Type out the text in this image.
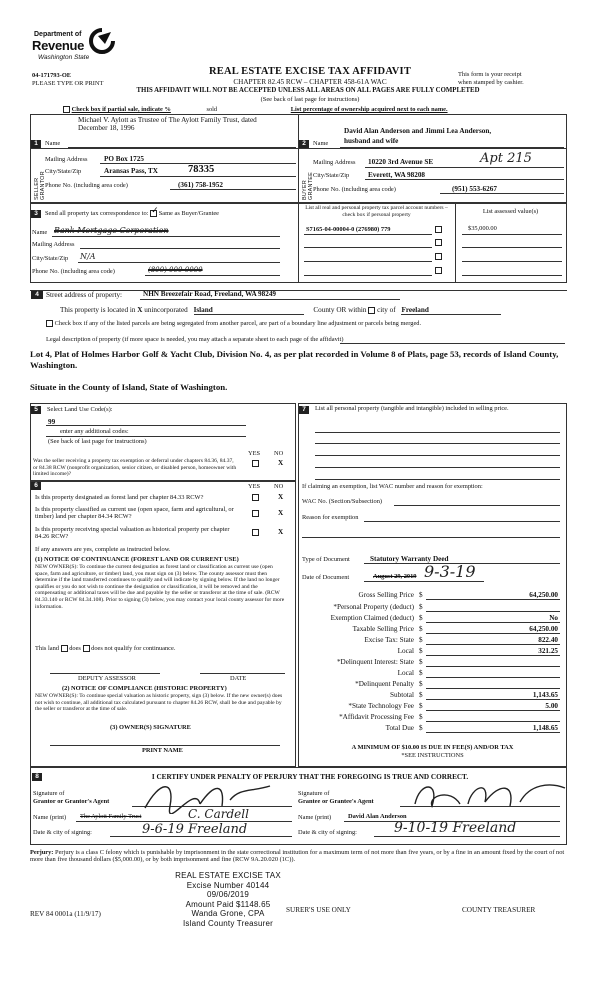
Department of
Revenue
Washington State
04-171793-OE
PLEASE TYPE OR PRINT
REAL ESTATE EXCISE TAX AFFIDAVIT
CHAPTER 82.45 RCW – CHAPTER 458-61A WAC
THIS AFFIDAVIT WILL NOT BE ACCEPTED UNLESS ALL AREAS ON ALL PAGES ARE FULLY COMPLETED
(See back of last page for instructions)
This form is your receipt
when stamped by cashier.
Check box if partial sale, indicate %	sold	List percentage of ownership acquired next to each name.
1
SELLER GRANTOR
Michael V. Aylott as Trustee of The Aylott Family Trust, dated December 18, 1996
Name
Mailing Address PO Box 1725
City/State/Zip	Aransas Pass, TX	78335
Phone No. (including area code)	(361) 758-1952
2
BUYER GRANTEE
David Alan Anderson and Jimmi Lea Anderson,
Name husband and wife
Mailing Address 10220 3rd Avenue SE	Apt 215
City/State/Zip	Everett, WA 98208
Phone No. (including area code)	(951) 553-6267
3	Send all property tax correspondence to: ✓ Same as Buyer/Grantee
Name Bank Mortgage Corporation
Mailing Address
City/State/Zip N/A
Phone No. (including area code)	(800) 000-0000
List all real and personal property tax parcel account numbers – check box if personal property	List assessed value(s)
S7165-04-00004-0 (276980) 779	$35,000.00
4 Street address of property:	NHN Breezefair Road, Freeland, WA 98249
This property is located in X unincorporated Island	County OR within city of Freeland
Check box if any of the listed parcels are being segregated from another parcel, are part of a boundary line adjustment or parcels being merged.
Legal description of property (if more space is needed, you may attach a separate sheet to each page of the affidavit)
Lot 4, Plat of Holmes Harbor Golf & Yacht Club, Division No. 4, as per plat recorded in Volume 8 of Plats, page 53, records of Island County, Washington.
Situate in the County of Island, State of Washington.
5	Select Land Use Code(s):
99
enter any additional codes:
(See back of last page for instructions)
YES NO
Was the seller receiving a property tax exemption or deferral under chapters 84.36, 84.37, or 84.38 RCW (nonprofit organization, senior citizen, or disabled person, homeowner with limited income)?
X
6	YES NO
Is this property designated as forest land per chapter 84.33 RCW?	X
Is this property classified as current use (open space, farm and agricultural, or timber) land per chapter 84.34 RCW?	X
Is this property receiving special valuation as historical property per chapter 84.26 RCW?
X
If any answers are yes, complete as instructed below.
(1) NOTICE OF CONTINUANCE (FOREST LAND OR CURRENT USE)
NEW OWNER(S): To continue the current designation as forest land or classification as current use (open space, farm and agriculture, or timber) land, you must sign on (3) below. The county assessor must then determine if the land transferred continues to qualify and will indicate by signing below. If the land no longer qualifies or you do not wish to continue the designation or classification, it will be removed and the compensating or additional taxes will be due and payable by the seller or transferor at the time of sale. (RCW 84.33.140 or RCW 84.34.108). Prior to signing (3) below, you may contact your local county assessor for more information.
This land does does not qualify for continuance.
DEPUTY ASSESSOR	DATE
(2) NOTICE OF COMPLIANCE (HISTORIC PROPERTY)
NEW OWNER(S): To continue special valuation as historic property, sign (3) below. If the new owner(s) does not wish to continue, all additional tax calculated pursuant to chapter 84.26 RCW, shall be due and payable by the seller or transferor at the time of sale.
(3) OWNER(S) SIGNATURE
PRINT NAME
7	List all personal property (tangible and intangible) included in selling price.
If claiming an exemption, list WAC number and reason for exemption:
WAC No. (Section/Subsection)
Reason for exemption
Type of Document	Statutory Warranty Deed
Date of Document	August 29, 2019 9-3-19
Gross Selling Price $	64,250.00
*Personal Property (deduct) $
Exemption Claimed (deduct) $	No
Taxable Selling Price $	64,250.00
Excise Tax: State $	822.40
Local $	321.25
*Delinquent Interest: State $
Local $
*Delinquent Penalty $
Subtotal $	1,143.65
*State Technology Fee $	5.00
*Affidavit Processing Fee $
Total Due $	1,148.65
A MINIMUM OF $10.00 IS DUE IN FEE(S) AND/OR TAX
*SEE INSTRUCTIONS
8	I CERTIFY UNDER PENALTY OF PERJURY THAT THE FOREGOING IS TRUE AND CORRECT.
Signature of
Grantor or Grantor's Agent
Signature of
Grantee or Grantee's Agent
Name (print) The Aylott Family Trust	C. Cardell	Name (print)	David Alan Anderson
Date & city of signing:	9-6-19 Freeland	Date & city of signing:	9-10-19 Freeland
Perjury: Perjury is a class C felony which is punishable by imprisonment in the state correctional institution for a maximum term of not more than five years, or by a fine in an amount fixed by the court of not more than five thousand dollars ($5,000.00), or by both imprisonment and fine (RCW 9A.20.020 (1C)).
REAL ESTATE EXCISE TAX
Excise Number 40144
09/06/2019
Amount Paid $1148.65
Wanda Grone, CPA
Island County Treasurer
REV 84 0001a (11/9/17)	SURER'S USE ONLY	COUNTY TREASURER
